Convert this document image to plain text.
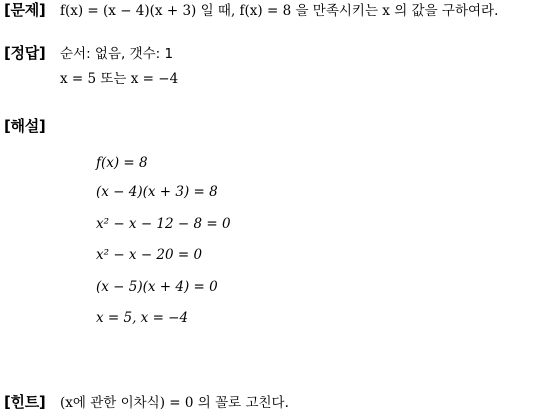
[문제] f(x) = (x − 4)(x + 3) 일 때, f(x) = 8 을 만족시키는 x 의 값을 구하여라.
[정답] 순서: 없음, 갯수: 1
x = 5 또는 x = −4
[해설]
f(x) = 8
(x − 4)(x + 3) = 8
x² − x − 12 − 8 = 0
x² − x − 20 = 0
(x − 5)(x + 4) = 0
x = 5, x = −4
[힌트] (x에 관한 이차식) = 0 의 꼴로 고친다.
